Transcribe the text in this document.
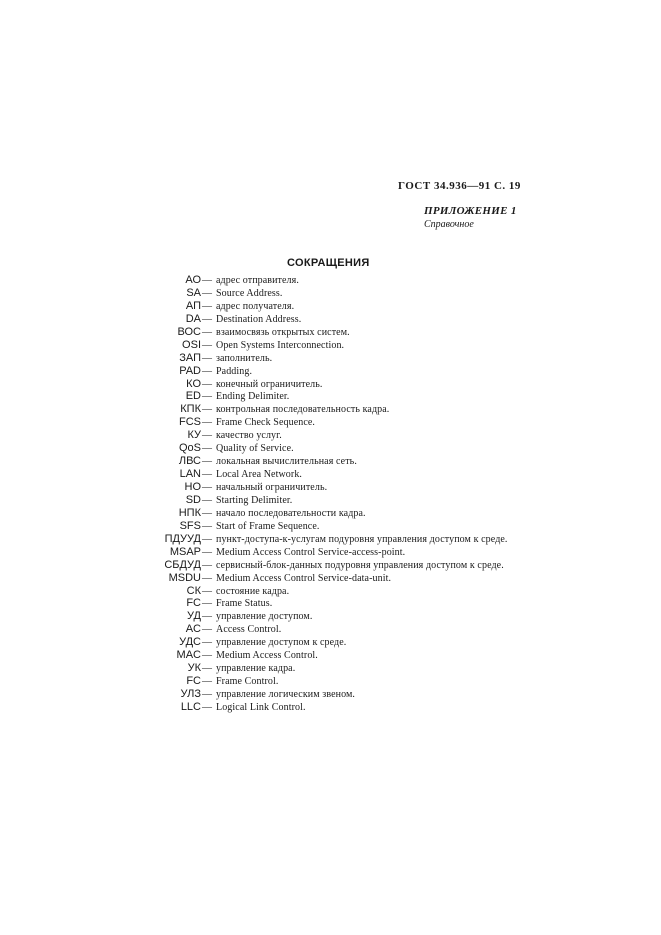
ГОСТ 34.936—91 С. 19
ПРИЛОЖЕНИЕ 1
Справочное
СОКРАЩЕНИЯ
АО — адрес отправителя.
SA — Source Address.
АП — адрес получателя.
DA — Destination Address.
ВОС — взаимосвязь открытых систем.
OSI — Open Systems Interconnection.
ЗАП — заполнитель.
PAD — Padding.
КО — конечный ограничитель.
ED — Ending Delimiter.
КПК — контрольная последовательность кадра.
FCS — Frame Check Sequence.
КУ — качество услуг.
QoS — Quality of Service.
ЛВС — локальная вычислительная сеть.
LAN — Local Area Network.
НО — начальный ограничитель.
SD — Starting Delimiter.
НПК — начало последовательности кадра.
SFS — Start of Frame Sequence.
ПДУУД — пункт-доступа-к-услугам подуровня управления доступом к среде.
MSAP — Medium Access Control Service-access-point.
СБДУД — сервисный-блок-данных подуровня управления доступом к среде.
MSDU — Medium Access Control Service-data-unit.
СК — состояние кадра.
FC — Frame Status.
УД — управление доступом.
AC — Access Control.
УДС — управление доступом к среде.
MAC — Medium Access Control.
УК — управление кадра.
FC — Frame Control.
УЛЗ — управление логическим звеном.
LLC — Logical Link Control.
